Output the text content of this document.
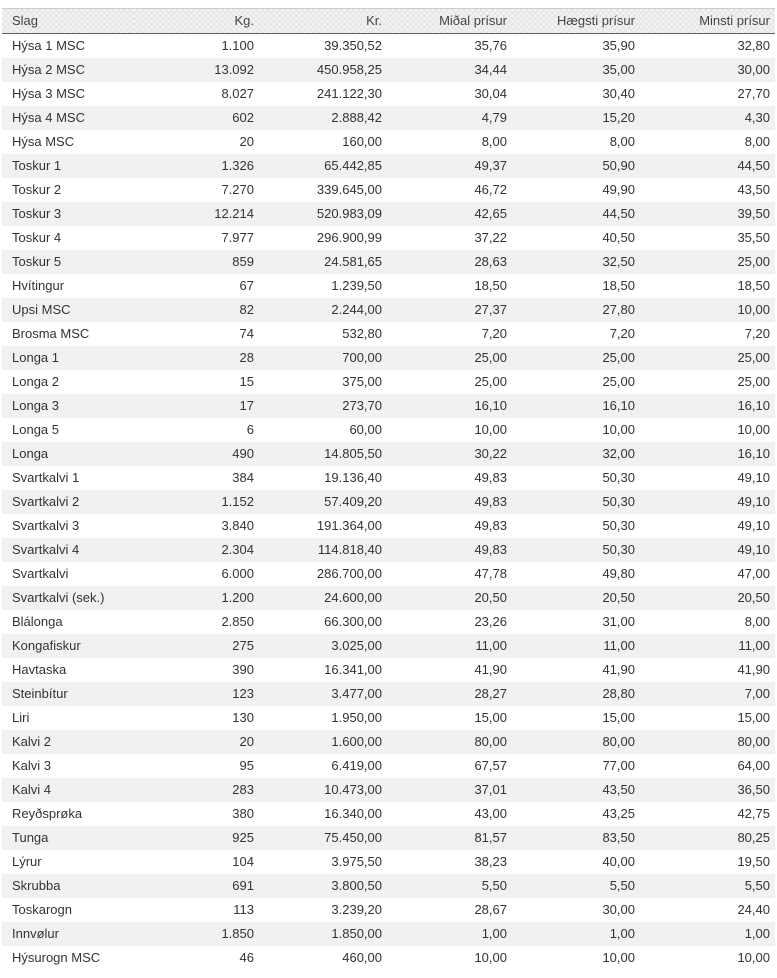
Slag	Kg.	Kr.	Miðal prísur	Hægsti prísur	Minsti prísur
Hýsa 1 MSC	1.100	39.350,52	35,76	35,90	32,80
Hýsa 2 MSC	13.092	450.958,25	34,44	35,00	30,00
Hýsa 3 MSC	8.027	241.122,30	30,04	30,40	27,70
Hýsa 4 MSC	602	2.888,42	4,79	15,20	4,30
Hýsa MSC	20	160,00	8,00	8,00	8,00
Toskur 1	1.326	65.442,85	49,37	50,90	44,50
Toskur 2	7.270	339.645,00	46,72	49,90	43,50
Toskur 3	12.214	520.983,09	42,65	44,50	39,50
Toskur 4	7.977	296.900,99	37,22	40,50	35,50
Toskur 5	859	24.581,65	28,63	32,50	25,00
Hvítingur	67	1.239,50	18,50	18,50	18,50
Upsi MSC	82	2.244,00	27,37	27,80	10,00
Brosma MSC	74	532,80	7,20	7,20	7,20
Longa 1	28	700,00	25,00	25,00	25,00
Longa 2	15	375,00	25,00	25,00	25,00
Longa 3	17	273,70	16,10	16,10	16,10
Longa 5	6	60,00	10,00	10,00	10,00
Longa	490	14.805,50	30,22	32,00	16,10
Svartkalvi 1	384	19.136,40	49,83	50,30	49,10
Svartkalvi 2	1.152	57.409,20	49,83	50,30	49,10
Svartkalvi 3	3.840	191.364,00	49,83	50,30	49,10
Svartkalvi 4	2.304	114.818,40	49,83	50,30	49,10
Svartkalvi	6.000	286.700,00	47,78	49,80	47,00
Svartkalvi (sek.)	1.200	24.600,00	20,50	20,50	20,50
Blálonga	2.850	66.300,00	23,26	31,00	8,00
Kongafiskur	275	3.025,00	11,00	11,00	11,00
Havtaska	390	16.341,00	41,90	41,90	41,90
Steinbítur	123	3.477,00	28,27	28,80	7,00
Liri	130	1.950,00	15,00	15,00	15,00
Kalvi 2	20	1.600,00	80,00	80,00	80,00
Kalvi 3	95	6.419,00	67,57	77,00	64,00
Kalvi 4	283	10.473,00	37,01	43,50	36,50
Reyðsprøka	380	16.340,00	43,00	43,25	42,75
Tunga	925	75.450,00	81,57	83,50	80,25
Lýrur	104	3.975,50	38,23	40,00	19,50
Skrubba	691	3.800,50	5,50	5,50	5,50
Toskarogn	113	3.239,20	28,67	30,00	24,40
Innvølur	1.850	1.850,00	1,00	1,00	1,00
Hýsurogn MSC	46	460,00	10,00	10,00	10,00
